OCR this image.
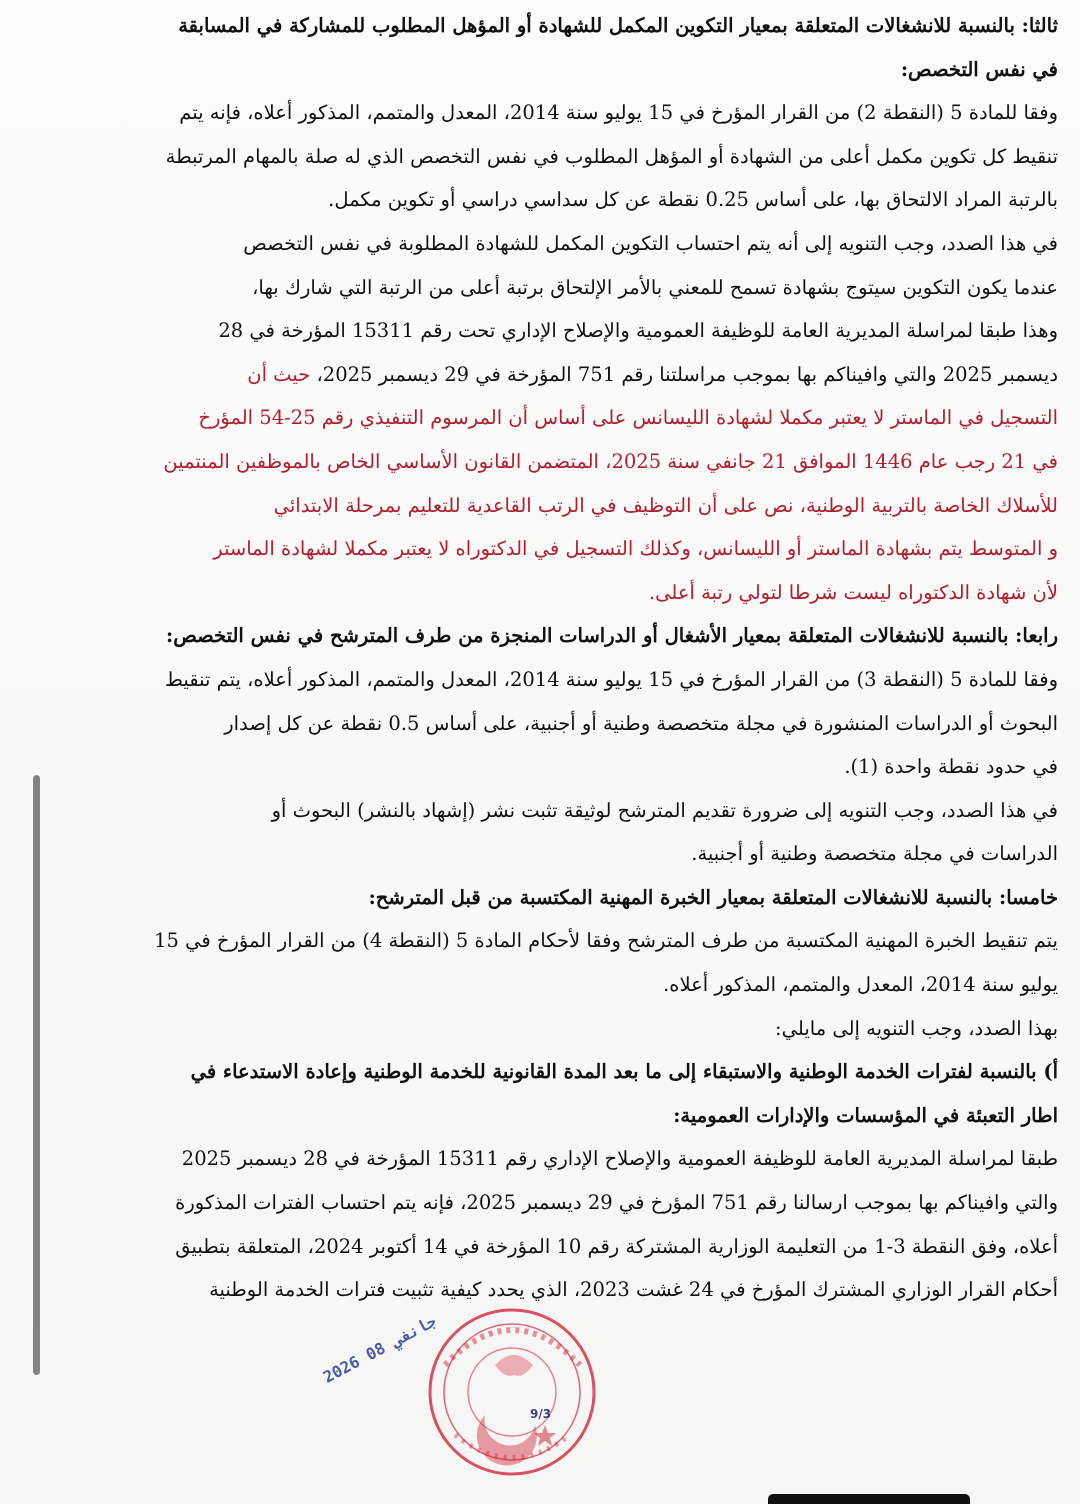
ثالثا: بالنسبة للانشغالات المتعلقة بمعيار التكوين المكمل للشهادة أو المؤهل المطلوب للمشاركة في المسابقة
في نفس التخصص:
وفقا للمادة 5 (النقطة 2) من القرار المؤرخ في 15 يوليو سنة 2014، المعدل والمتمم، المذكور أعلاه، فإنه يتم
تنقيط كل تكوين مكمل أعلى من الشهادة أو المؤهل المطلوب في نفس التخصص الذي له صلة بالمهام المرتبطة
بالرتبة المراد الالتحاق بها، على أساس 0.25 نقطة عن كل سداسي دراسي أو تكوين مكمل.
في هذا الصدد، وجب التنويه إلى أنه يتم احتساب التكوين المكمل للشهادة المطلوبة في نفس التخصص
عندما يكون التكوين سيتوج بشهادة تسمح للمعني بالأمر الإلتحاق برتبة أعلى من الرتبة التي شارك بها،
وهذا طبقا لمراسلة المديرية العامة للوظيفة العمومية والإصلاح الإداري تحت رقم 15311 المؤرخة في 28
ديسمبر 2025 والتي وافيناكم بها بموجب مراسلتنا رقم 751 المؤرخة في 29 ديسمبر 2025، حيث أن
التسجيل في الماستر لا يعتبر مكملا لشهادة الليسانس على أساس أن المرسوم التنفيذي رقم 25-54 المؤرخ
في 21 رجب عام 1446 الموافق 21 جانفي سنة 2025، المتضمن القانون الأساسي الخاص بالموظفين المنتمين
للأسلاك الخاصة بالتربية الوطنية، نص على أن التوظيف في الرتب القاعدية للتعليم بمرحلة الابتدائي
و المتوسط يتم بشهادة الماستر أو الليسانس، وكذلك التسجيل في الدكتوراه لا يعتبر مكملا لشهادة الماستر
لأن شهادة الدكتوراه ليست شرطا لتولي رتبة أعلى.
رابعا: بالنسبة للانشغالات المتعلقة بمعيار الأشغال أو الدراسات المنجزة من طرف المترشح في نفس التخصص:
وفقا للمادة 5 (النقطة 3) من القرار المؤرخ في 15 يوليو سنة 2014، المعدل والمتمم، المذكور أعلاه، يتم تنقيط
البحوث أو الدراسات المنشورة في مجلة متخصصة وطنية أو أجنبية، على أساس 0.5 نقطة عن كل إصدار
في حدود نقطة واحدة (1).
في هذا الصدد، وجب التنويه إلى ضرورة تقديم المترشح لوثيقة تثبت نشر (إشهاد بالنشر) البحوث أو
الدراسات في مجلة متخصصة وطنية أو أجنبية.
خامسا: بالنسبة للانشغالات المتعلقة بمعيار الخبرة المهنية المكتسبة من قبل المترشح:
يتم تنقيط الخبرة المهنية المكتسبة من طرف المترشح وفقا لأحكام المادة 5 (النقطة 4) من القرار المؤرخ في 15
يوليو سنة 2014، المعدل والمتمم، المذكور أعلاه.
بهذا الصدد، وجب التنويه إلى مايلي:
أ) بالنسبة لفترات الخدمة الوطنية والاستبقاء إلى ما بعد المدة القانونية للخدمة الوطنية وإعادة الاستدعاء في
اطار التعبئة في المؤسسات والإدارات العمومية:
طبقا لمراسلة المديرية العامة للوظيفة العمومية والإصلاح الإداري رقم 15311 المؤرخة في 28 ديسمبر 2025
والتي وافيناكم بها بموجب ارسالنا رقم 751 المؤرخ في 29 ديسمبر 2025، فإنه يتم احتساب الفترات المذكورة
أعلاه، وفق النقطة 3-1 من التعليمة الوزارية المشتركة رقم 10 المؤرخة في 14 أكتوبر 2024، المتعلقة بتطبيق
أحكام القرار الوزاري المشترك المؤرخ في 24 غشت 2023، الذي يحدد كيفية تثبيت فترات الخدمة الوطنية
2026 08 جانفي
9/3
